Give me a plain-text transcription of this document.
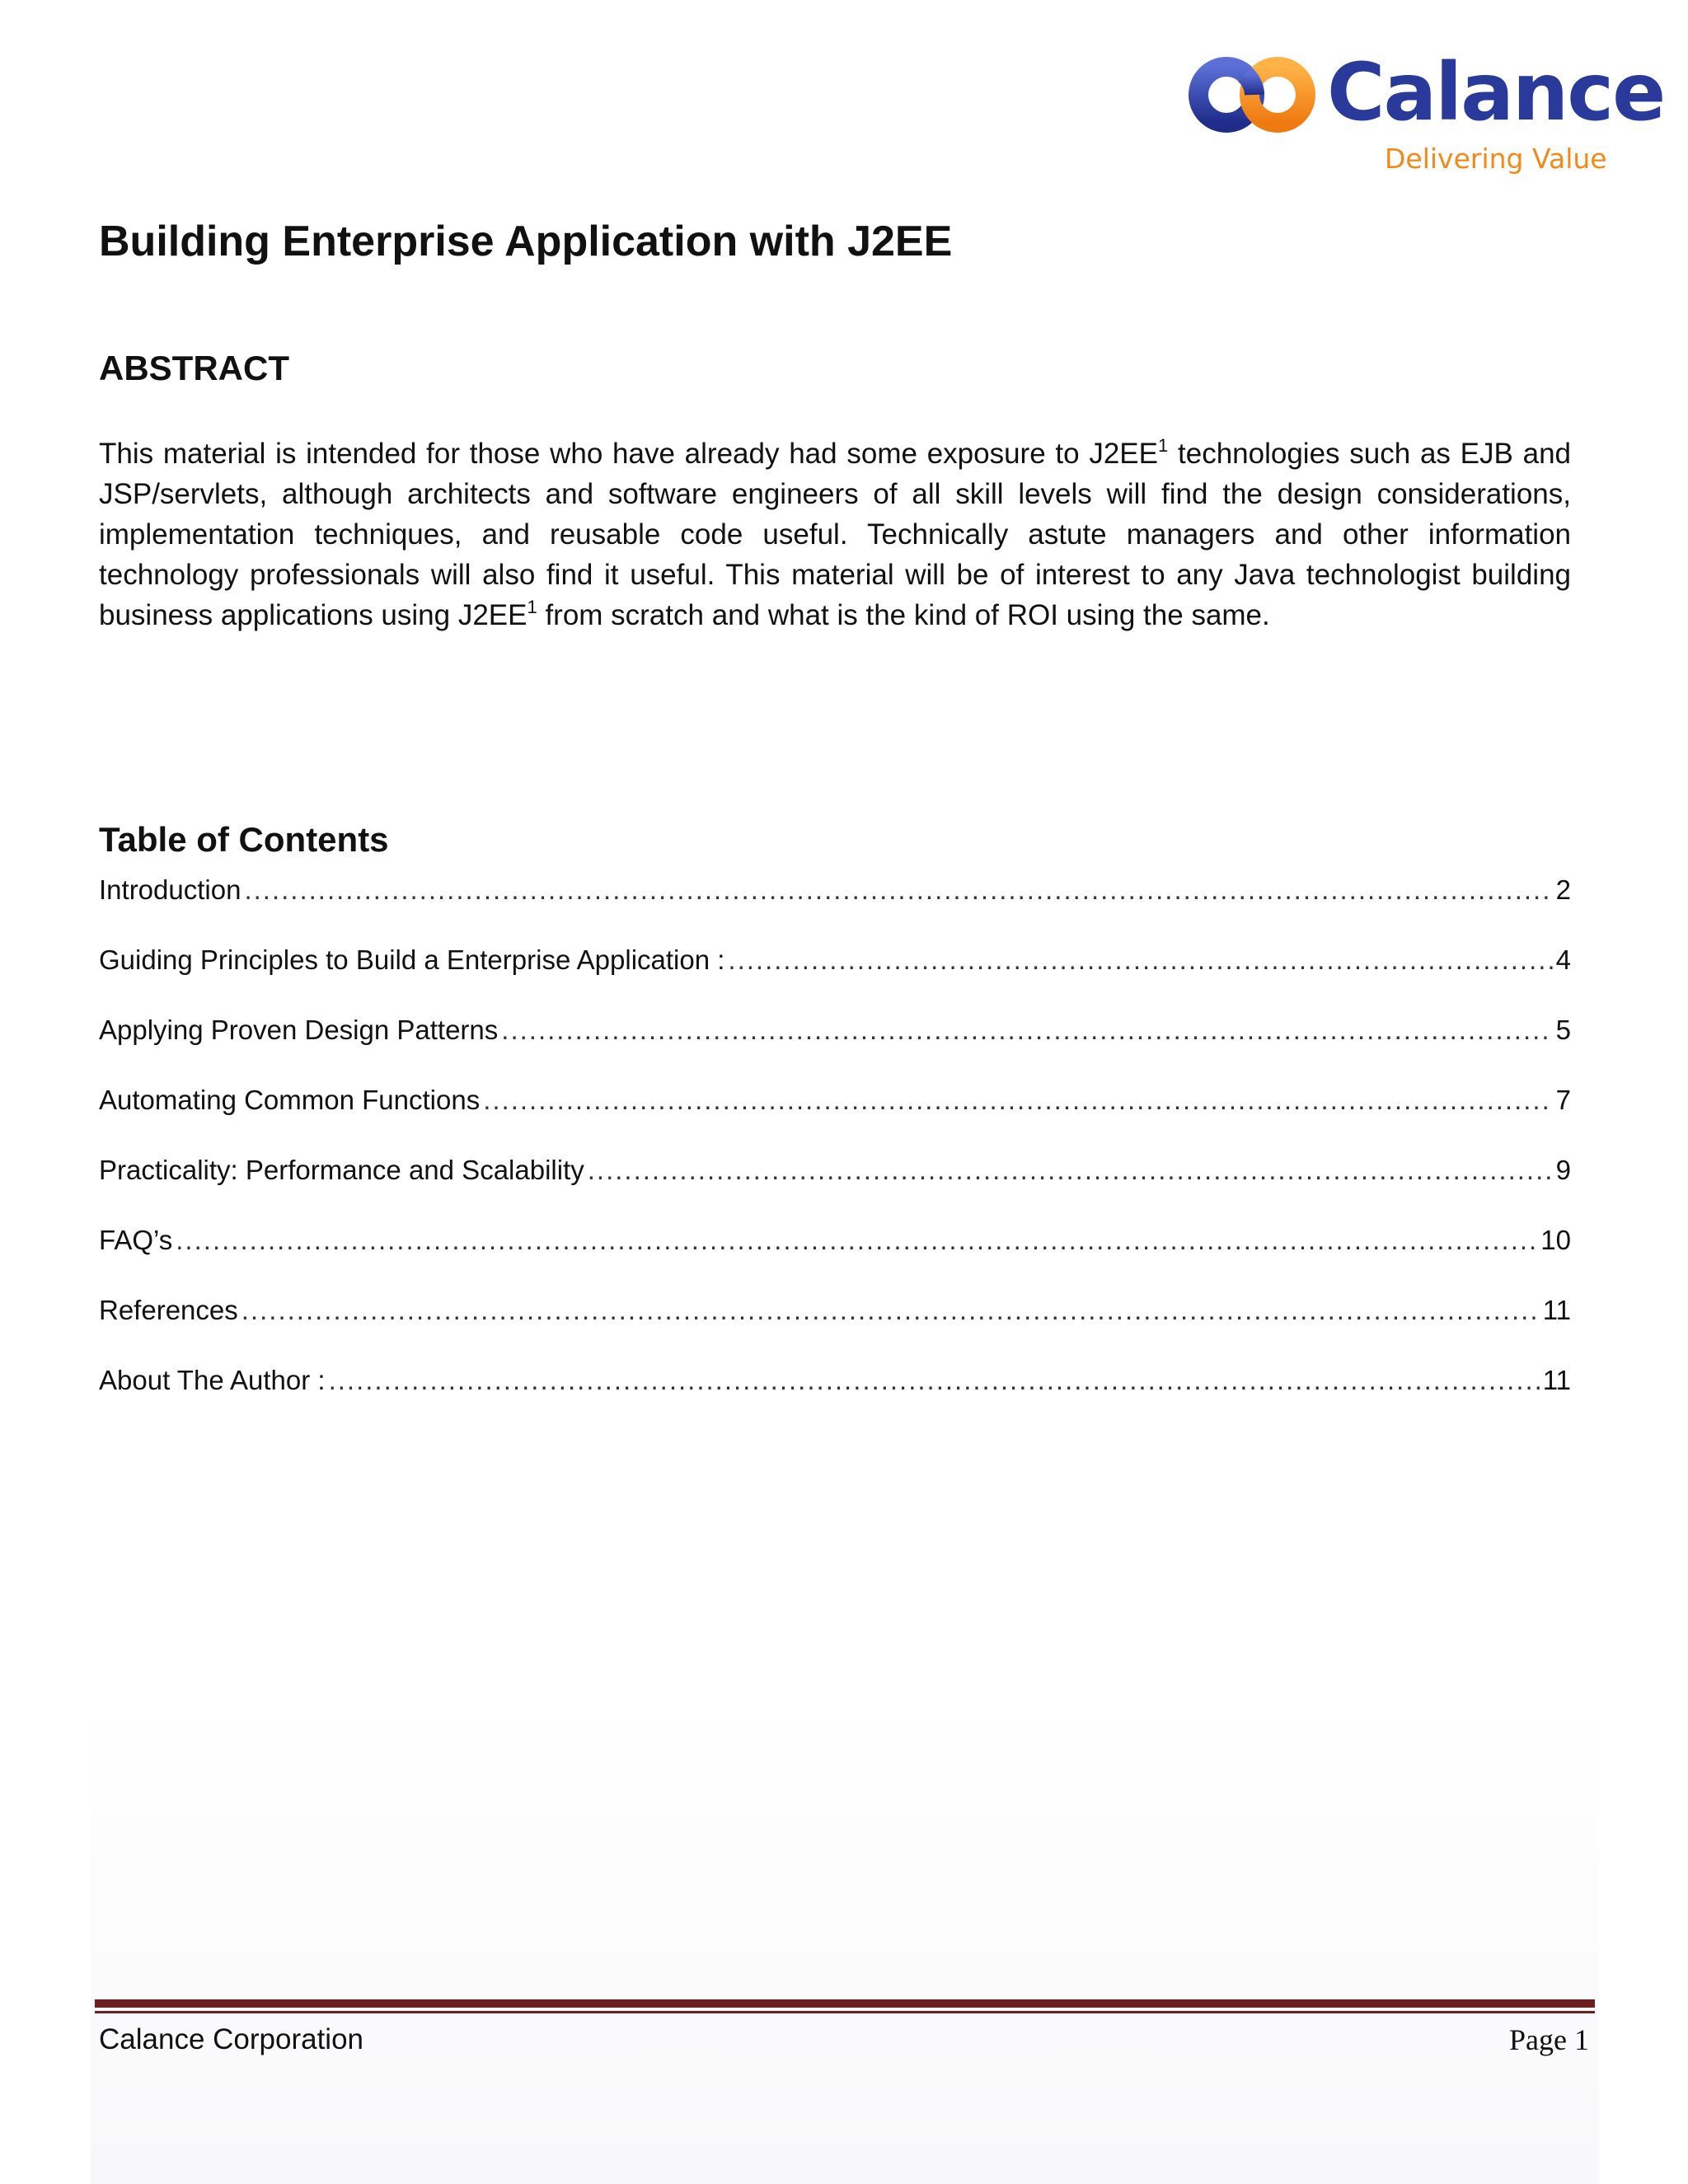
Calance
Delivering Value
Building Enterprise Application with J2EE
ABSTRACT

This material is intended for those who have already had some exposure to $J2EE^1$ technologies such as EJB and JSP/servlets, although architects and software engineers of all skill levels will find the design considerations, implementation techniques, and reusable code useful. Technically astute managers and other information technology professionals will also find it useful. This material will be of interest to any Java technologist building business applications using $J2EE^1$ from scratch and what is the kind of ROI using the same.

Table of Contents
Introduction .....	2
Guiding Principles to Build a Enterprise Application : .....	4
Applying Proven Design Patterns .....	5
Automating Common Functions .....	7
Practicality: Performance and Scalability .....	9
FAQ’s .....	10
References .....	11
About The Author : .....	11
Calance Corporation	Page 1
